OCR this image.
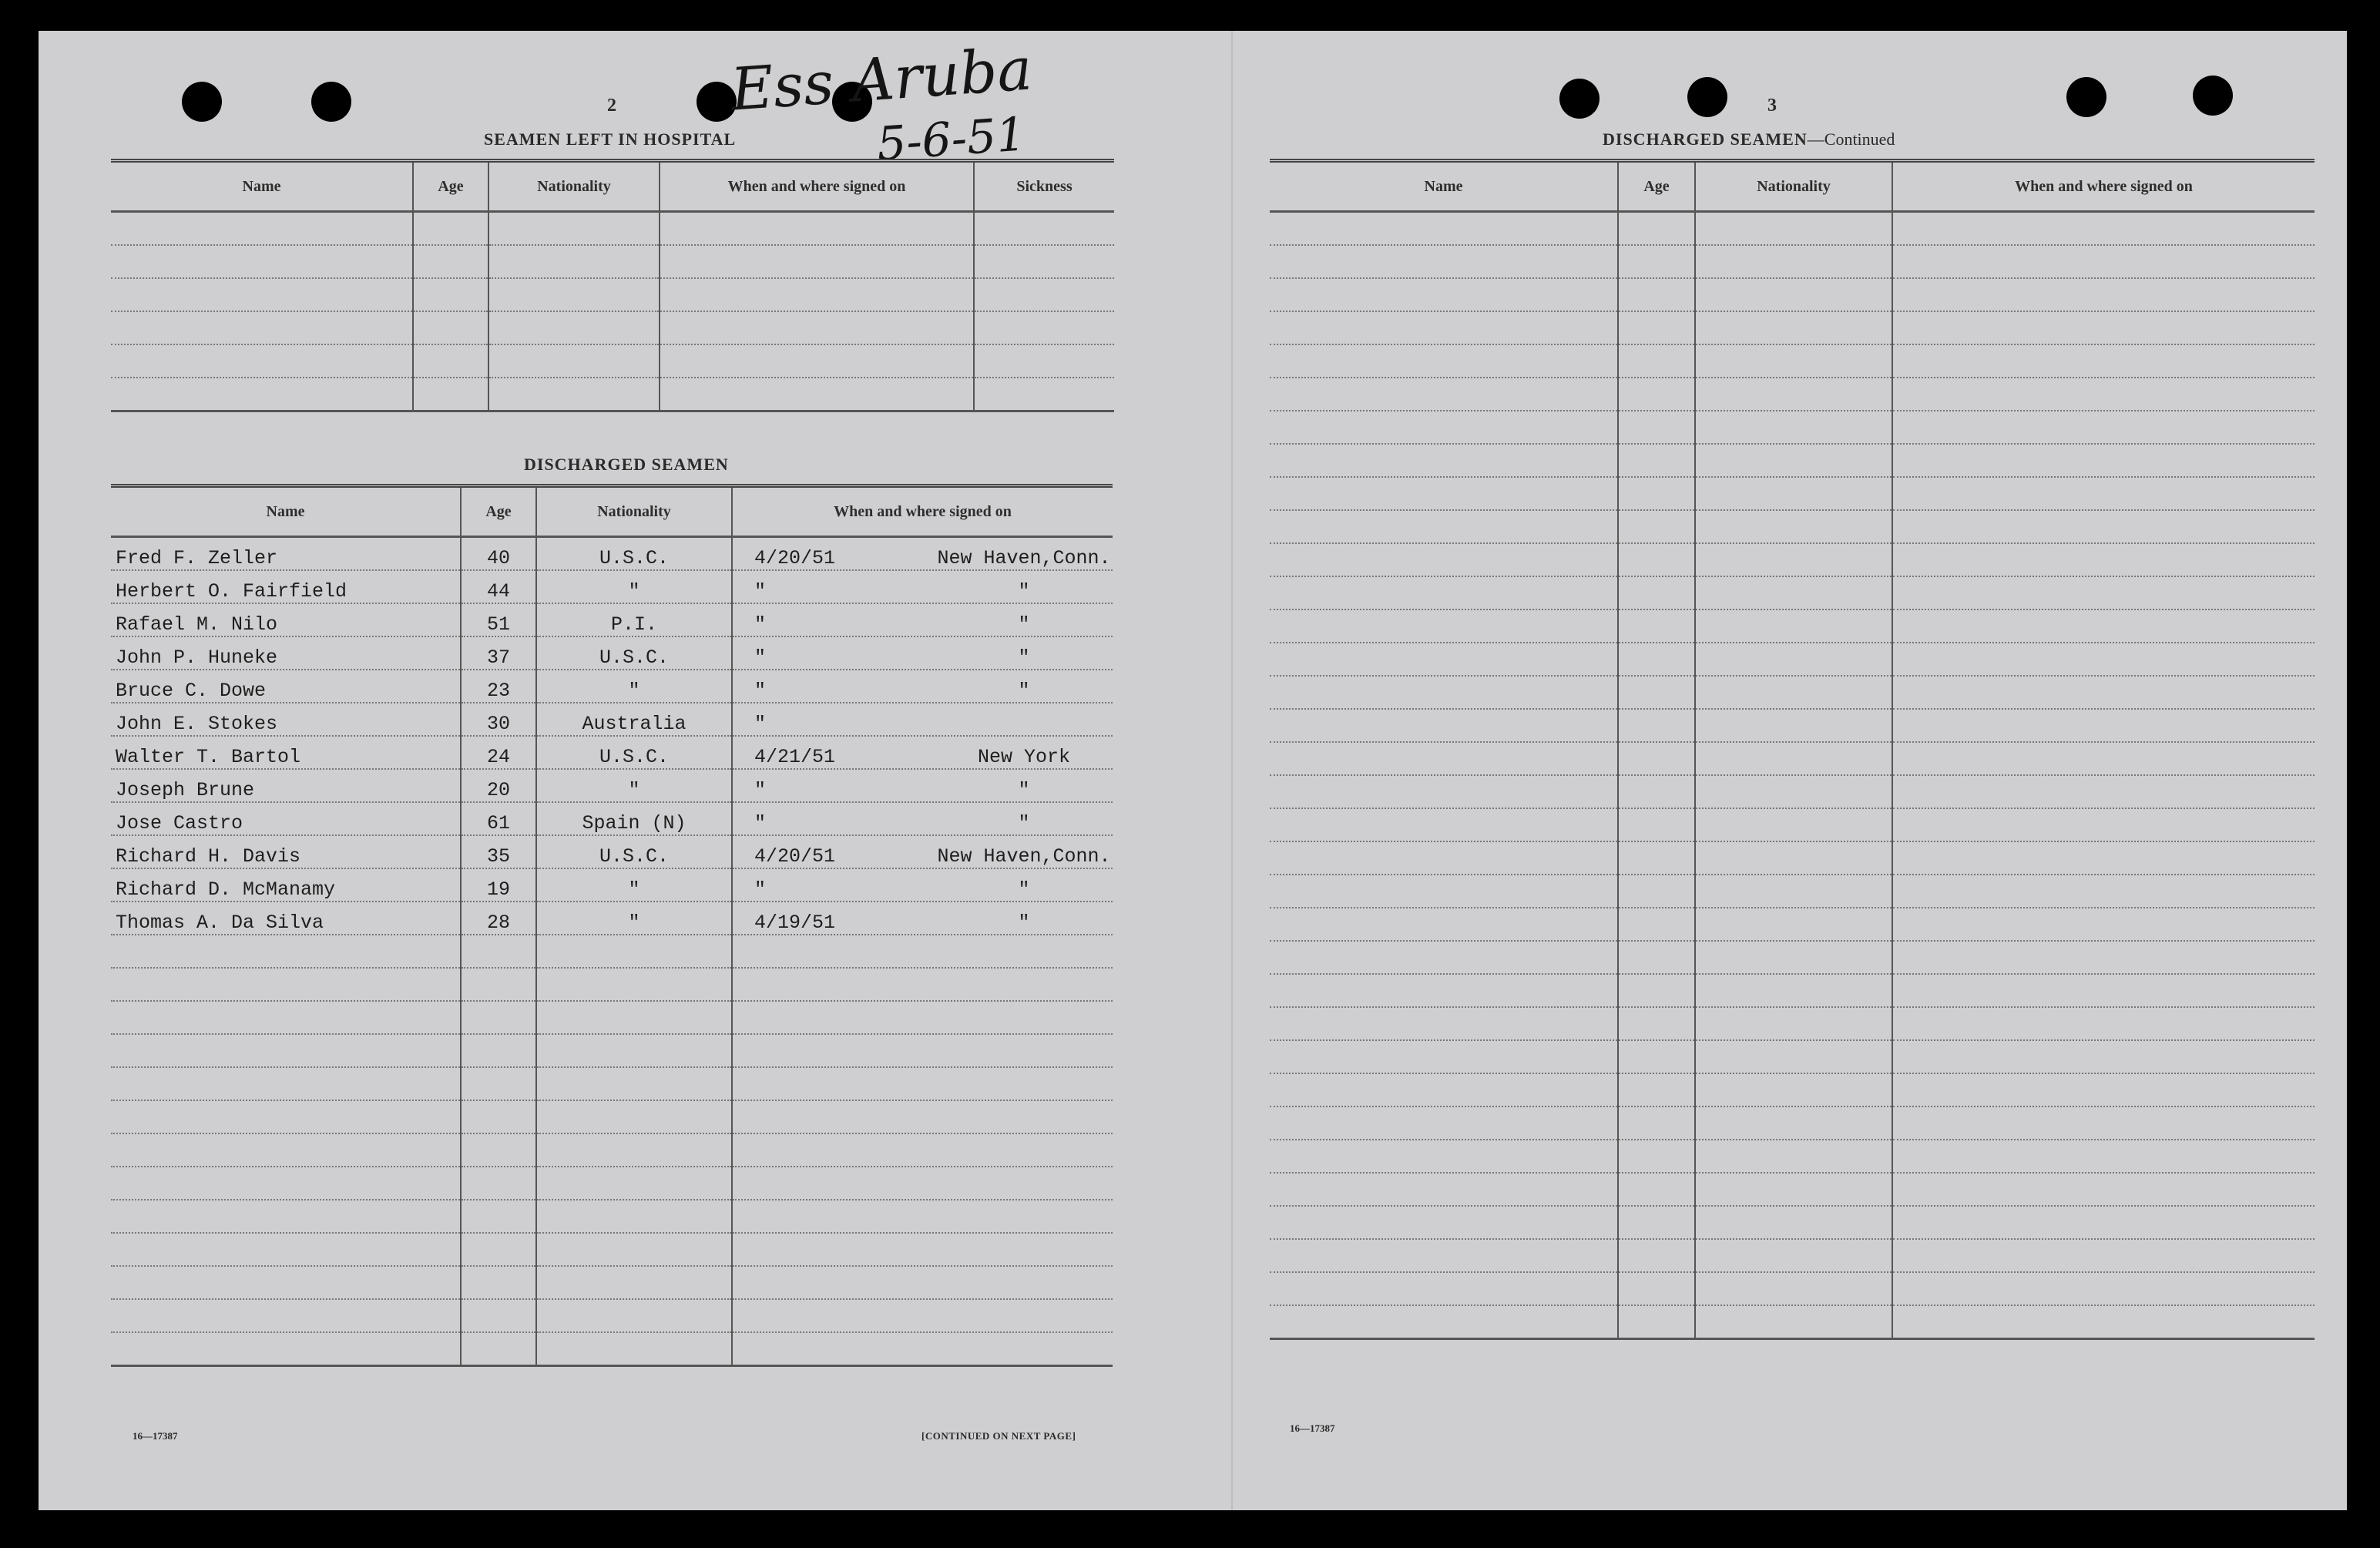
Ess Aruba
5-6-51
2
SEAMEN LEFT IN HOSPITAL
Name	Age	Nationality	When and where signed on	Sickness

DISCHARGED SEAMEN
Name	Age	Nationality	When and where signed on
Fred F. Zeller	40	U.S.C.	4/20/51 New Haven,Conn.
Herbert O. Fairfield	44	"	" "
Rafael M. Nilo	51	P.I.	" "
John P. Huneke	37	U.S.C.	" "
Bruce C. Dowe	23	"	" "
John E. Stokes	30	Australia	"
Walter T. Bartol	24	U.S.C.	4/21/51 New York
Joseph Brune	20	"	" "
Jose Castro	61	Spain (N)	" "
Richard H. Davis	35	U.S.C.	4/20/51 New Haven,Conn.
Richard D. McManamy	19	"	" "
Thomas A. Da Silva	28	"	4/19/51 "

16—17387	[CONTINUED ON NEXT PAGE]
3
DISCHARGED SEAMEN—Continued
Name	Age	Nationality	When and where signed on

16—17387
